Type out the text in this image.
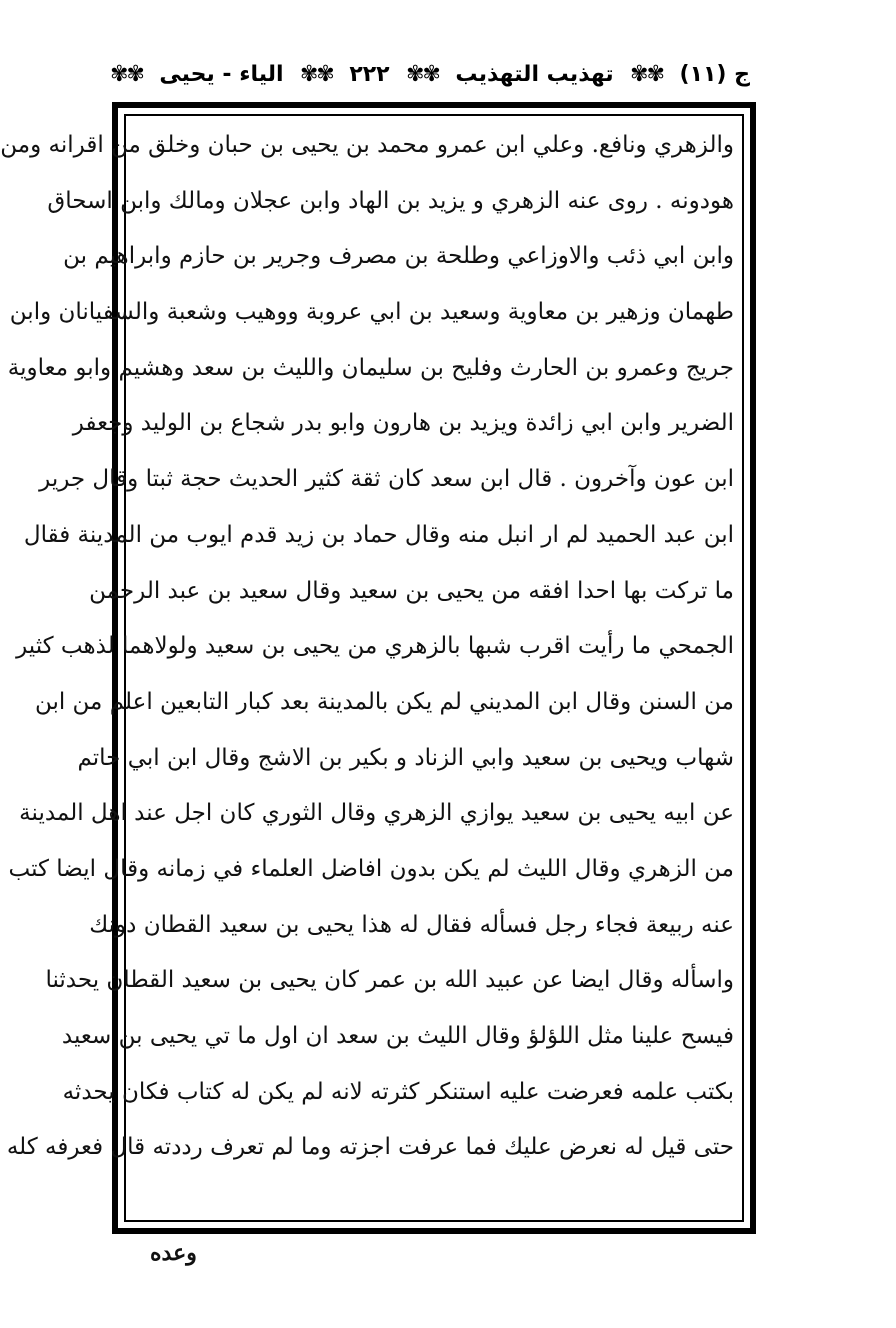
ج (١١)
✾✾
تهذيب التهذيب
✾✾
٢٢٢
✾✾
الياء - يحيى
✾✾
والزهري ونافع. وعلي ابن عمرو محمد بن يحيى بن حبان وخلق من اقرانه ومن
هودونه . روى عنه الزهري و يزيد بن الهاد وابن عجلان ومالك وابن اسحاق
وابن ابي ذئب والاوزاعي وطلحة بن مصرف وجرير بن حازم وابراهيم بن
طهمان وزهير بن معاوية وسعيد بن ابي عروبة ووهيب وشعبة والسفيانان وابن
جريج وعمرو بن الحارث وفليح بن سليمان والليث بن سعد وهشيم وابو معاوية
الضرير وابن ابي زائدة ويزيد بن هارون وابو بدر شجاع بن الوليد وجعفر
ابن عون وآخرون . قال ابن سعد كان ثقة كثير الحديث حجة ثبتا وقال جرير
ابن عبد الحميد لم ار انبل منه وقال حماد بن زيد قدم ايوب من المدينة فقال
ما تركت بها احدا افقه من يحيى بن سعيد وقال سعيد بن عبد الرحمن
الجمحي ما رأيت اقرب شبها بالزهري من يحيى بن سعيد ولولاهما لذهب كثير
من السنن وقال ابن المديني لم يكن بالمدينة بعد كبار التابعين اعلم من ابن
شهاب ويحيى بن سعيد وابي الزناد و بكير بن الاشج وقال ابن ابي حاتم
عن ابيه يحيى بن سعيد يوازي الزهري وقال الثوري كان اجل عند اهل المدينة
من الزهري وقال الليث لم يكن بدون افاضل العلماء في زمانه وقال ايضا كتب
عنه ربيعة فجاء رجل فسأله فقال له هذا يحيى بن سعيد القطان دونك
واسأله وقال ايضا عن عبيد الله بن عمر كان يحيى بن سعيد القطان يحدثنا
فيسح علينا مثل اللؤلؤ وقال الليث بن سعد ان اول ما تي يحيى بن سعيد
بكتب علمه فعرضت عليه استنكر كثرته لانه لم يكن له كتاب فكان يحدثه
حتى قيل له نعرض عليك فما عرفت اجزته وما لم تعرف رددته قال فعرفه كله
وعده
